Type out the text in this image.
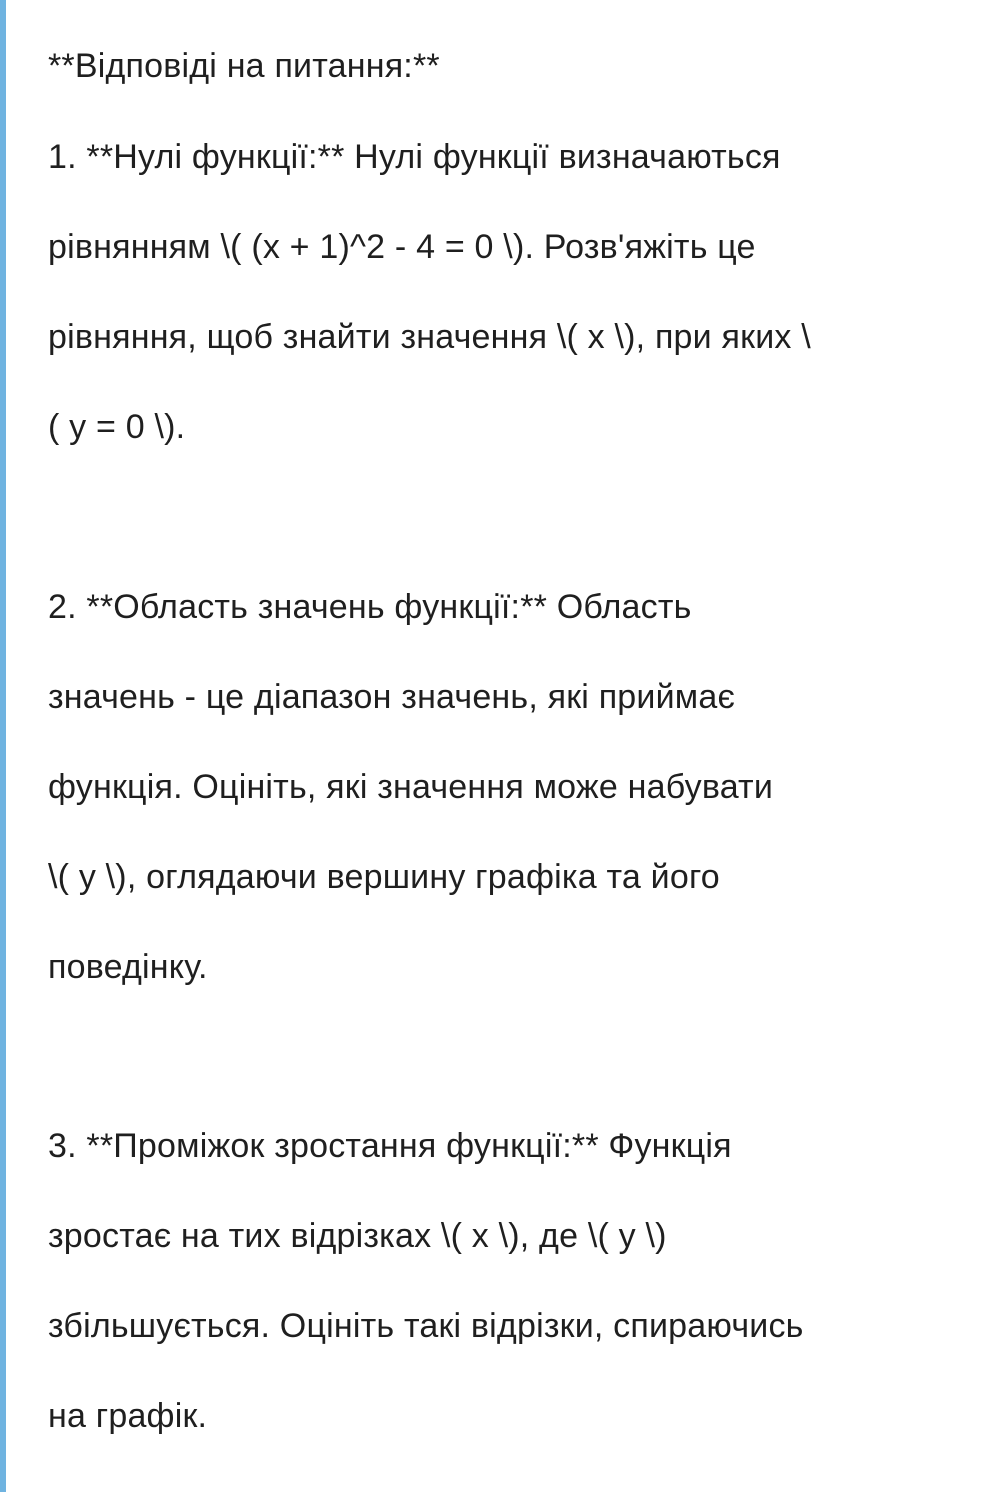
**Відповіді на питання:**
1. **Нулі функції:** Нулі функції визначаються
рівнянням \( (x + 1)^2 - 4 = 0 \). Розв'яжіть це
рівняння, щоб знайти значення \( x \), при яких \
( y = 0 \).
2. **Область значень функції:** Область
значень - це діапазон значень, які приймає
функція. Оцініть, які значення може набувати
\( y \), оглядаючи вершину графіка та його
поведінку.
3. **Проміжок зростання функції:** Функція
зростає на тих відрізках \( x \), де \( y \)
збільшується. Оцініть такі відрізки, спираючись
на графік.
